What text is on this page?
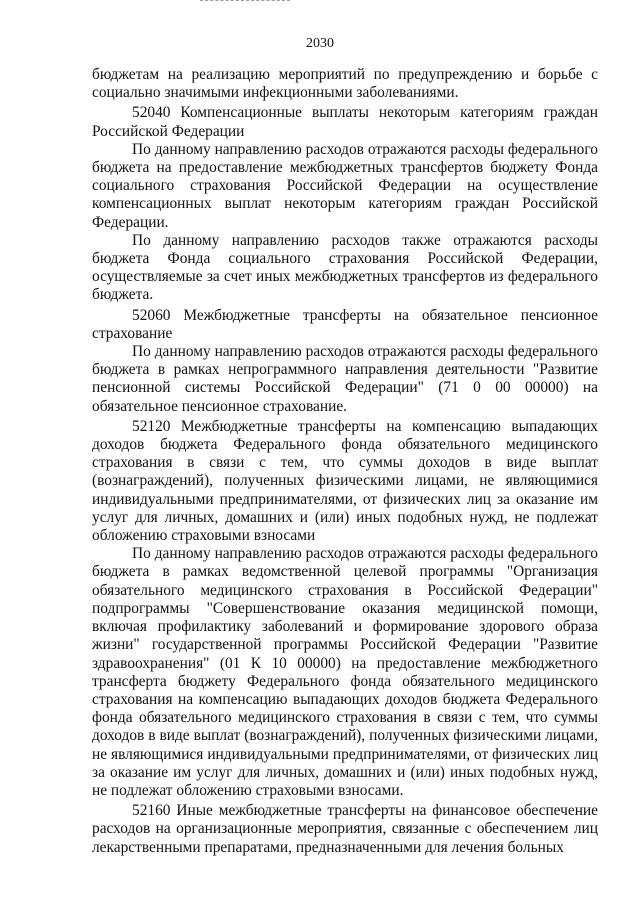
2030

бюджетам на реализацию мероприятий по предупреждению и борьбе с социально значимыми инфекционными заболеваниями.

52040 Компенсационные выплаты некоторым категориям граждан Российской Федерации

По данному направлению расходов отражаются расходы федерального бюджета на предоставление межбюджетных трансфертов бюджету Фонда социального страхования Российской Федерации на осуществление компенсационных выплат некоторым категориям граждан Российской Федерации.

По данному направлению расходов также отражаются расходы бюджета Фонда социального страхования Российской Федерации, осуществляемые за счет иных межбюджетных трансфертов из федерального бюджета.

52060 Межбюджетные трансферты на обязательное пенсионное страхование

По данному направлению расходов отражаются расходы федерального бюджета в рамках непрограммного направления деятельности "Развитие пенсионной системы Российской Федерации" (71 0 00 00000) на обязательное пенсионное страхование.

52120 Межбюджетные трансферты на компенсацию выпадающих доходов бюджета Федерального фонда обязательного медицинского страхования в связи с тем, что суммы доходов в виде выплат (вознаграждений), полученных физическими лицами, не являющимися индивидуальными предпринимателями, от физических лиц за оказание им услуг для личных, домашних и (или) иных подобных нужд, не подлежат обложению страховыми взносами

По данному направлению расходов отражаются расходы федерального бюджета в рамках ведомственной целевой программы "Организация обязательного медицинского страхования в Российской Федерации" подпрограммы "Совершенствование оказания медицинской помощи, включая профилактику заболеваний и формирование здорового образа жизни" государственной программы Российской Федерации "Развитие здравоохранения" (01 К 10 00000) на предоставление межбюджетного трансферта бюджету Федерального фонда обязательного медицинского страхования на компенсацию выпадающих доходов бюджета Федерального фонда обязательного медицинского страхования в связи с тем, что суммы доходов в виде выплат (вознаграждений), полученных физическими лицами, не являющимися индивидуальными предпринимателями, от физических лиц за оказание им услуг для личных, домашних и (или) иных подобных нужд, не подлежат обложению страховыми взносами.

52160 Иные межбюджетные трансферты на финансовое обеспечение расходов на организационные мероприятия, связанные с обеспечением лиц лекарственными препаратами, предназначенными для лечения больных
